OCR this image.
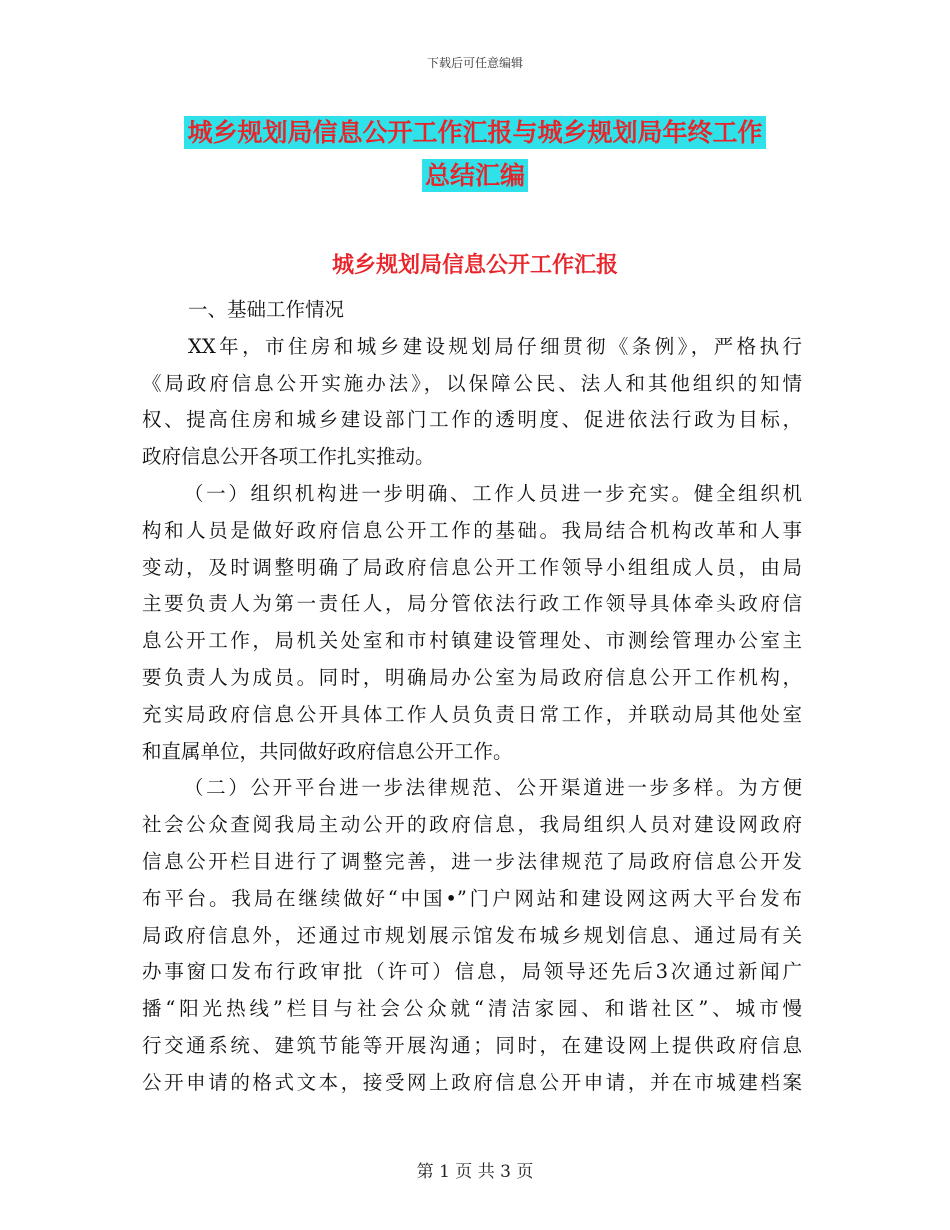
下载后可任意编辑
城乡规划局信息公开工作汇报与城乡规划局年终工作
总结汇编
城乡规划局信息公开工作汇报

一、基础工作情况

XX年，市住房和城乡建设规划局仔细贯彻《条例》，严格执行
《局政府信息公开实施办法》，以保障公民、法人和其他组织的知情
权、提高住房和城乡建设部门工作的透明度、促进依法行政为目标，
政府信息公开各项工作扎实推动。

（一）组织机构进一步明确、工作人员进一步充实。健全组织机
构和人员是做好政府信息公开工作的基础。我局结合机构改革和人事
变动，及时调整明确了局政府信息公开工作领导小组组成人员，由局
主要负责人为第一责任人，局分管依法行政工作领导具体牵头政府信
息公开工作，局机关处室和市村镇建设管理处、市测绘管理办公室主
要负责人为成员。同时，明确局办公室为局政府信息公开工作机构，
充实局政府信息公开具体工作人员负责日常工作，并联动局其他处室
和直属单位，共同做好政府信息公开工作。

（二）公开平台进一步法律规范、公开渠道进一步多样。为方便
社会公众查阅我局主动公开的政府信息，我局组织人员对建设网政府
信息公开栏目进行了调整完善，进一步法律规范了局政府信息公开发
布平台。我局在继续做好“中国•”门户网站和建设网这两大平台发布
局政府信息外，还通过市规划展示馆发布城乡规划信息、通过局有关
办事窗口发布行政审批（许可）信息，局领导还先后3次通过新闻广
播“阳光热线”栏目与社会公众就“清洁家园、和谐社区”、城市慢
行交通系统、建筑节能等开展沟通；同时，在建设网上提供政府信息
公开申请的格式文本，接受网上政府信息公开申请，并在市城建档案

第 1 页 共 3 页
